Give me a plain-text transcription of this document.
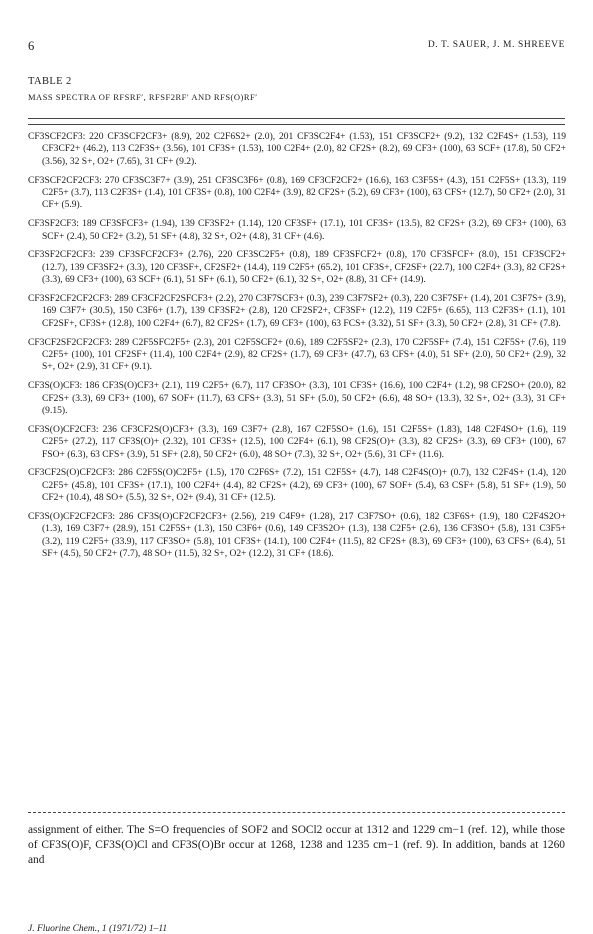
6	D. T. SAUER, J. M. SHREEVE
TABLE 2
MASS SPECTRA OF RFSRF′, RFSF2RF′ AND RFS(O)RF′

CF3SCF2CF3: 220 CF3SCF2CF3+ (8.9), 202 C2F6S2+ (2.0), 201 CF3SC2F4+ (1.53), 151 CF3SCF2+ (9.2), 132 C2F4S+ (1.53), 119 CF3CF2+ (46.2), 113 C2F3S+ (3.56), 101 CF3S+ (1.53), 100 C2F4+ (2.0), 82 CF2S+ (8.2), 69 CF3+ (100), 63 SCF+ (17.8), 50 CF2+ (3.56), 32 S+, O2+ (7.65), 31 CF+ (9.2).

CF3SCF2CF2CF3: 270 CF3SC3F7+ (3.9), 251 CF3SC3F6+ (0.8), 169 CF3CF2CF2+ (16.6), 163 C3F5S+ (4.3), 151 C2F5S+ (13.3), 119 C2F5+ (3.7), 113 C2F3S+ (1.4), 101 CF3S+ (0.8), 100 C2F4+ (3.9), 82 CF2S+ (5.2), 69 CF3+ (100), 63 CFS+ (12.7), 50 CF2+ (2.0), 31 CF+ (5.9).

CF3SF2CF3: 189 CF3SFCF3+ (1.94), 139 CF3SF2+ (1.14), 120 CF3SF+ (17.1), 101 CF3S+ (13.5), 82 CF2S+ (3.2), 69 CF3+ (100), 63 SCF+ (2.4), 50 CF2+ (3.2), 51 SF+ (4.8), 32 S+, O2+ (4.8), 31 CF+ (4.6).

CF3SF2CF2CF3: 239 CF3SFCF2CF3+ (2.76), 220 CF3SC2F5+ (0.8), 189 CF3SFCF2+ (0.8), 170 CF3SFCF+ (8.0), 151 CF3SCF2+ (12.7), 139 CF3SF2+ (3.3), 120 CF3SF+, CF2SF2+ (14.4), 119 C2F5+ (65.2), 101 CF3S+, CF2SF+ (22.7), 100 C2F4+ (3.3), 82 CF2S+ (3.3), 69 CF3+ (100), 63 SCF+ (6.1), 51 SF+ (6.1), 50 CF2+ (6.1), 32 S+, O2+ (8.8), 31 CF+ (14.9).

CF3SF2CF2CF2CF3: 289 CF3CF2CF2SFCF3+ (2.2), 270 C3F7SCF3+ (0.3), 239 C3F7SF2+ (0.3), 220 C3F7SF+ (1.4), 201 C3F7S+ (3.9), 169 C3F7+ (30.5), 150 C3F6+ (1.7), 139 CF3SF2+ (2.8), 120 CF2SF2+, CF3SF+ (12.2), 119 C2F5+ (6.65), 113 C2F3S+ (1.1), 101 CF2SF+, CF3S+ (12.8), 100 C2F4+ (6.7), 82 CF2S+ (1.7), 69 CF3+ (100), 63 FCS+ (3.32), 51 SF+ (3.3), 50 CF2+ (2.8), 31 CF+ (7.8).

CF3CF2SF2CF2CF3: 289 C2F5SFC2F5+ (2.3), 201 C2F5SCF2+ (0.6), 189 C2F5SF2+ (2.3), 170 C2F5SF+ (7.4), 151 C2F5S+ (7.6), 119 C2F5+ (100), 101 CF2SF+ (11.4), 100 C2F4+ (2.9), 82 CF2S+ (1.7), 69 CF3+ (47.7), 63 CFS+ (4.0), 51 SF+ (2.0), 50 CF2+ (2.9), 32 S+, O2+ (2.9), 31 CF+ (9.1).

CF3S(O)CF3: 186 CF3S(O)CF3+ (2.1), 119 C2F5+ (6.7), 117 CF3SO+ (3.3), 101 CF3S+ (16.6), 100 C2F4+ (1.2), 98 CF2SO+ (20.0), 82 CF2S+ (3.3), 69 CF3+ (100), 67 SOF+ (11.7), 63 CFS+ (3.3), 51 SF+ (5.0), 50 CF2+ (6.6), 48 SO+ (13.3), 32 S+, O2+ (3.3), 31 CF+ (9.15).

CF3S(O)CF2CF3: 236 CF3CF2S(O)CF3+ (3.3), 169 C3F7+ (2.8), 167 C2F5SO+ (1.6), 151 C2F5S+ (1.83), 148 C2F4SO+ (1.6), 119 C2F5+ (27.2), 117 CF3S(O)+ (2.32), 101 CF3S+ (12.5), 100 C2F4+ (6.1), 98 CF2S(O)+ (3.3), 82 CF2S+ (3.3), 69 CF3+ (100), 67 FSO+ (6.3), 63 CFS+ (3.9), 51 SF+ (2.8), 50 CF2+ (6.0), 48 SO+ (7.3), 32 S+, O2+ (5.6), 31 CF+ (11.6).

CF3CF2S(O)CF2CF3: 286 C2F5S(O)C2F5+ (1.5), 170 C2F6S+ (7.2), 151 C2F5S+ (4.7), 148 C2F4S(O)+ (0.7), 132 C2F4S+ (1.4), 120 C2F5+ (45.8), 101 CF3S+ (17.1), 100 C2F4+ (4.4), 82 CF2S+ (4.2), 69 CF3+ (100), 67 SOF+ (5.4), 63 CSF+ (5.8), 51 SF+ (1.9), 50 CF2+ (10.4), 48 SO+ (5.5), 32 S+, O2+ (9.4), 31 CF+ (12.5).

CF3S(O)CF2CF2CF3: 286 CF3S(O)CF2CF2CF3+ (2.56), 219 C4F9+ (1.28), 217 C3F7SO+ (0.6), 182 C3F6S+ (1.9), 180 C2F4S2O+ (1.3), 169 C3F7+ (28.9), 151 C2F5S+ (1.3), 150 C3F6+ (0.6), 149 CF3S2O+ (1.3), 138 C2F5+ (2.6), 136 CF3SO+ (5.8), 131 C3F5+ (3.2), 119 C2F5+ (33.9), 117 CF3SO+ (5.8), 101 CF3S+ (14.1), 100 C2F4+ (11.5), 82 CF2S+ (8.3), 69 CF3+ (100), 63 CFS+ (6.4), 51 SF+ (4.5), 50 CF2+ (7.7), 48 SO+ (11.5), 32 S+, O2+ (12.2), 31 CF+ (18.6).

assignment of either. The S=O frequencies of SOF2 and SOCl2 occur at 1312 and 1229 cm−1 (ref. 12), while those of CF3S(O)F, CF3S(O)Cl and CF3S(O)Br occur at 1268, 1238 and 1235 cm−1 (ref. 9). In addition, bands at 1260 and
J. Fluorine Chem., 1 (1971/72) 1–11
